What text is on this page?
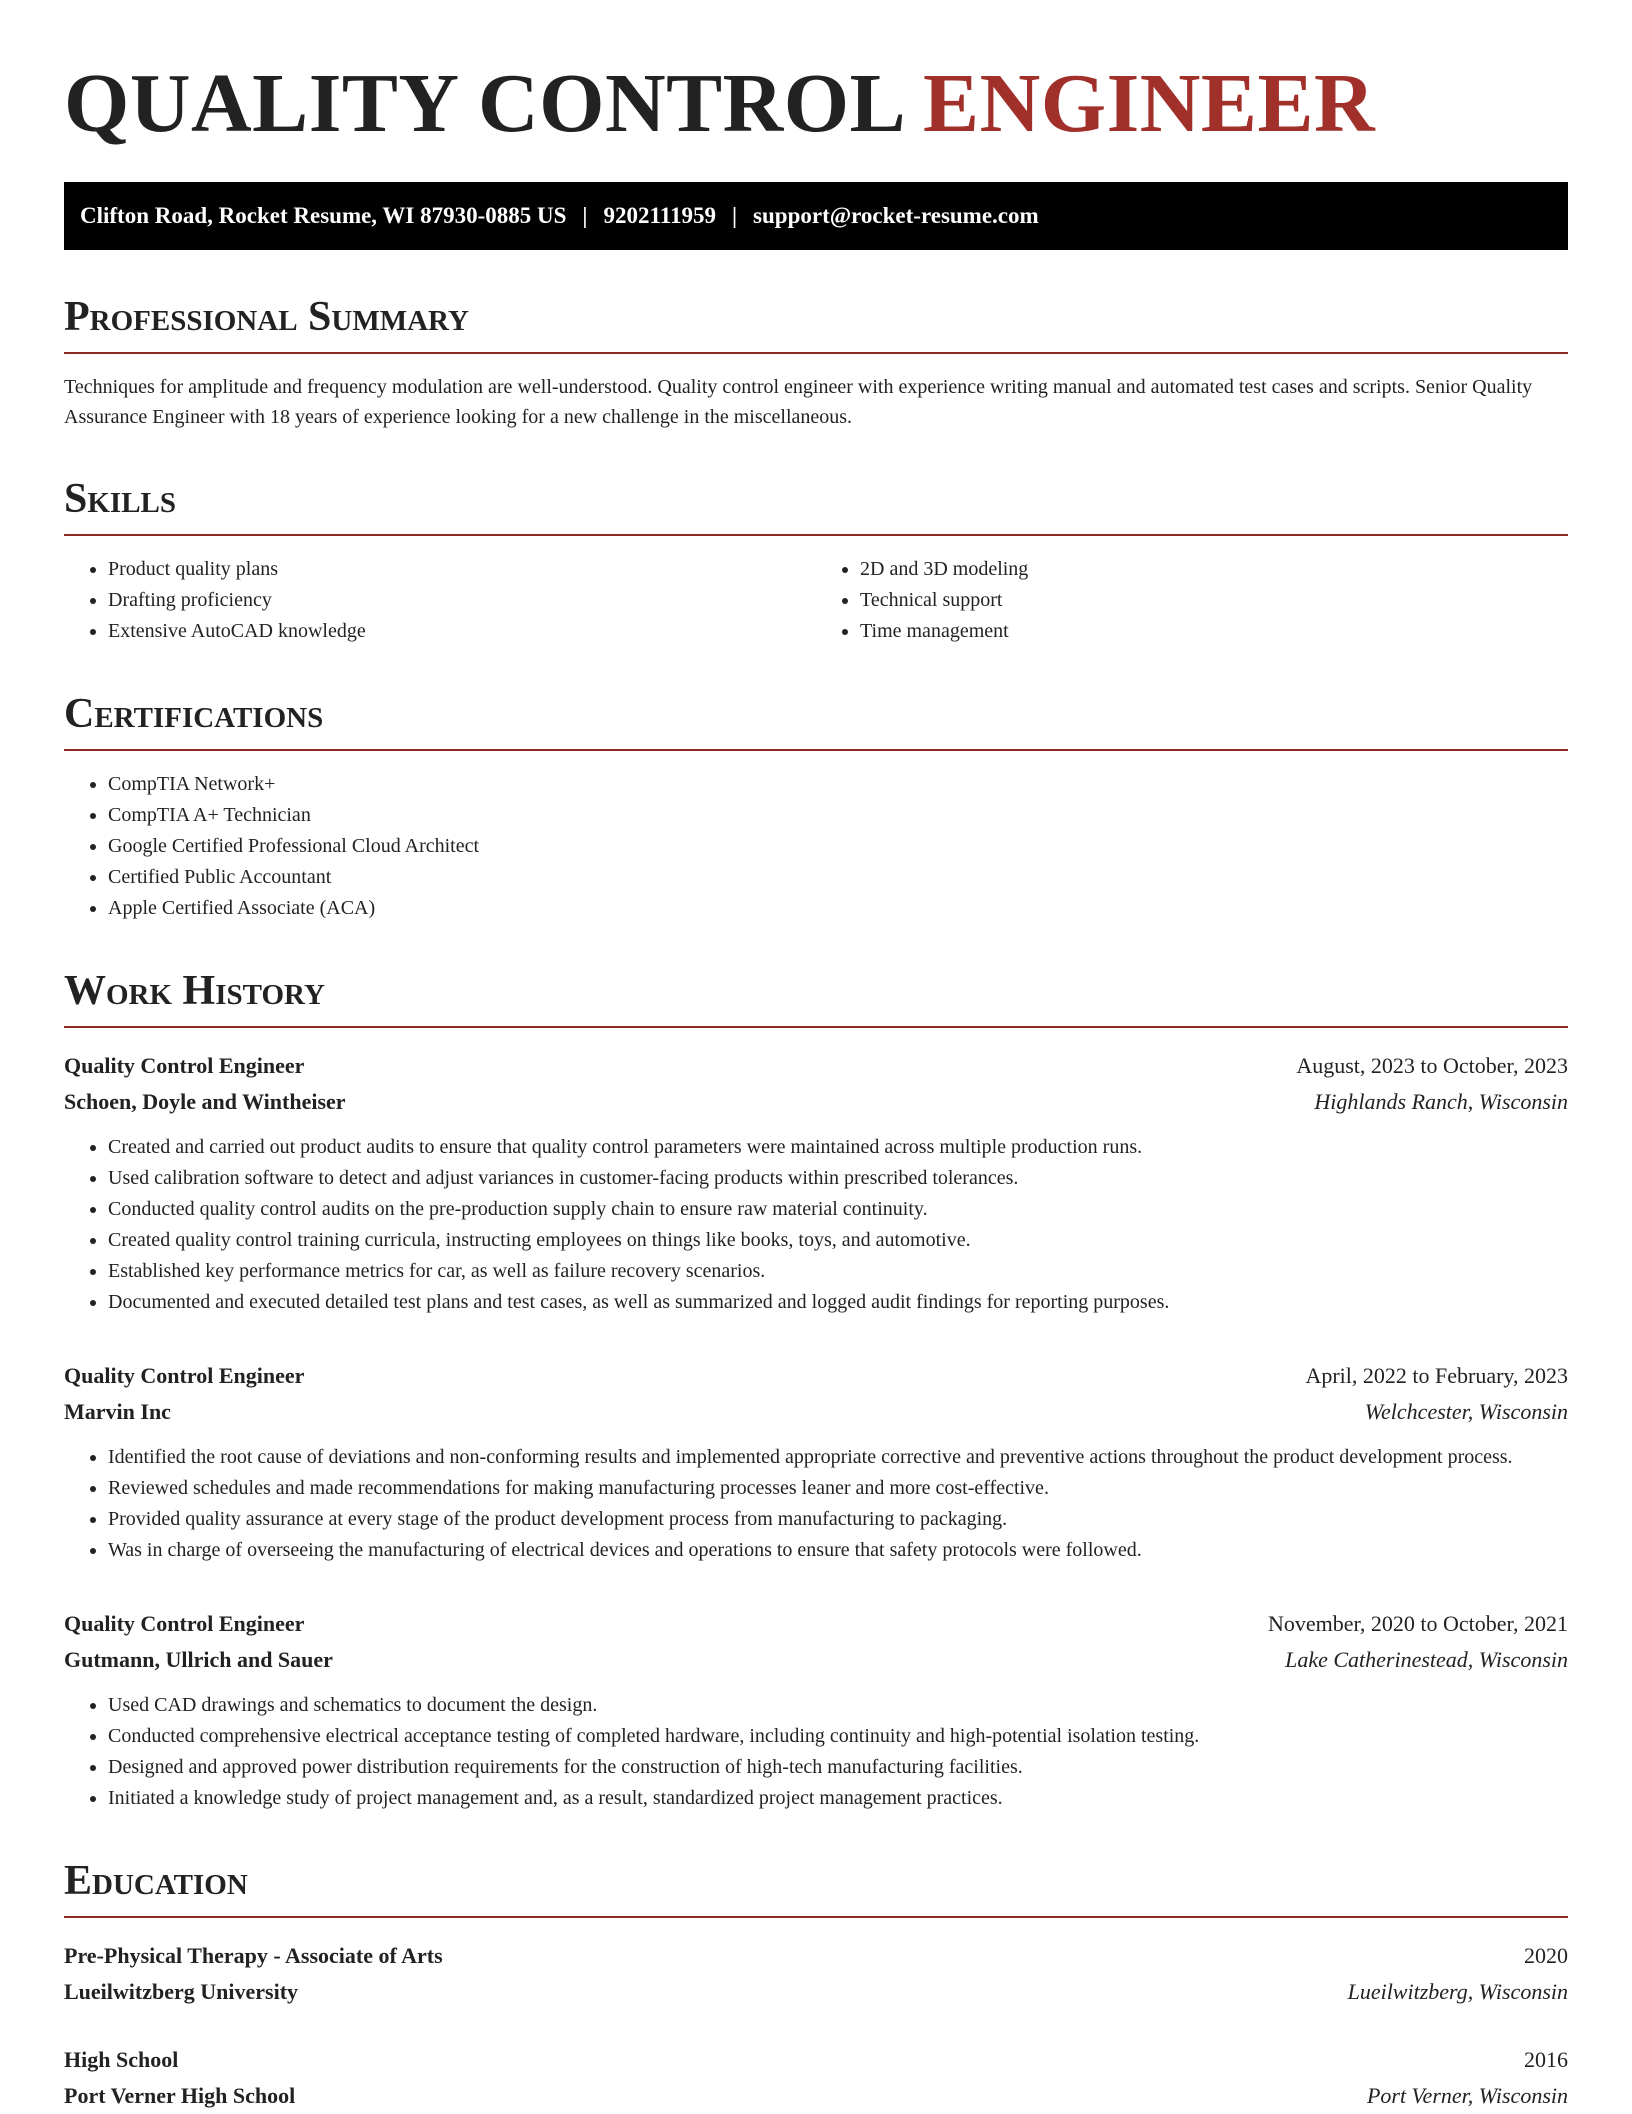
QUALITY CONTROL ENGINEER
Clifton Road, Rocket Resume, WI 87930-0885 US | 9202111959 | support@rocket-resume.com
Professional Summary

Techniques for amplitude and frequency modulation are well-understood. Quality control engineer with experience writing manual and automated test cases and scripts. Senior Quality Assurance Engineer with 18 years of experience looking for a new challenge in the miscellaneous.

Skills
• Product quality plans
• Drafting proficiency
• Extensive AutoCAD knowledge
• 2D and 3D modeling
• Technical support
• Time management
Certifications
• CompTIA Network+
• CompTIA A+ Technician
• Google Certified Professional Cloud Architect
• Certified Public Accountant
• Apple Certified Associate (ACA)
Work History
Quality Control Engineer	August, 2023 to October, 2023
Schoen, Doyle and Wintheiser	Highlands Ranch, Wisconsin
• Created and carried out product audits to ensure that quality control parameters were maintained across multiple production runs.
• Used calibration software to detect and adjust variances in customer-facing products within prescribed tolerances.
• Conducted quality control audits on the pre-production supply chain to ensure raw material continuity.
• Created quality control training curricula, instructing employees on things like books, toys, and automotive.
• Established key performance metrics for car, as well as failure recovery scenarios.
• Documented and executed detailed test plans and test cases, as well as summarized and logged audit findings for reporting purposes.
Quality Control Engineer	April, 2022 to February, 2023
Marvin Inc	Welchcester, Wisconsin
• Identified the root cause of deviations and non-conforming results and implemented appropriate corrective and preventive actions throughout the product development process.
• Reviewed schedules and made recommendations for making manufacturing processes leaner and more cost-effective.
• Provided quality assurance at every stage of the product development process from manufacturing to packaging.
• Was in charge of overseeing the manufacturing of electrical devices and operations to ensure that safety protocols were followed.
Quality Control Engineer	November, 2020 to October, 2021
Gutmann, Ullrich and Sauer	Lake Catherinestead, Wisconsin
• Used CAD drawings and schematics to document the design.
• Conducted comprehensive electrical acceptance testing of completed hardware, including continuity and high-potential isolation testing.
• Designed and approved power distribution requirements for the construction of high-tech manufacturing facilities.
• Initiated a knowledge study of project management and, as a result, standardized project management practices.
Education
Pre-Physical Therapy - Associate of Arts	2020
Lueilwitzberg University	Lueilwitzberg, Wisconsin
High School	2016
Port Verner High School	Port Verner, Wisconsin
